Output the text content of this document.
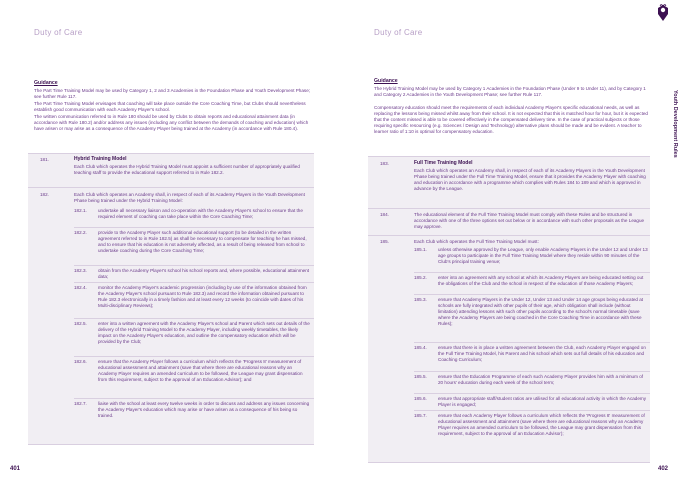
Duty of Care
Guidance
The Part Time Training Model may be used by Category 1, 2 and 3 Academies in the Foundation Phase and Youth Development Phase; see further Rule 117.
The Part Time Training Model envisages that coaching will take place outside the Core Coaching Time, but Clubs should nevertheless establish good communication with each Academy Player's school.
The written communication referred to in Rule 180 should be used by Clubs to obtain reports and educational attainment data (in accordance with Rule 180.2) and/or address any issues (including any conflict between the demands of coaching and education) which have arisen or may arise as a consequence of the Academy Player being trained at the Academy (in accordance with Rule 180.4).
181.	Hybrid Training Model
Each Club which operates the Hybrid Training Model must appoint a sufficient number of appropriately qualified teaching staff to provide the educational support referred to in Rule 182.2.
182.	Each Club which operates an Academy shall, in respect of each of its Academy Players in the Youth Development Phase being trained under the Hybrid Training Model:
182.1. undertake all necessary liaison and co-operation with the Academy Player's school to ensure that the required element of coaching can take place within the Core Coaching Time;
182.2. provide to the Academy Player such additional educational support (to be detailed in the written agreement referred to in Rule 182.5) as shall be necessary to compensate for teaching he has missed, and to ensure that his education is not adversely affected, as a result of being released from school to undertake coaching during the Core Coaching Time;
182.3. obtain from the Academy Player's school his school reports and, where possible, educational attainment data;
182.4. monitor the Academy Player's academic progression (including by use of the information obtained from the Academy Player's school pursuant to Rule 182.3) and record the information obtained pursuant to Rule 182.3 electronically in a timely fashion and at least every 12 weeks (to coincide with dates of his Multi-disciplinary Reviews);
182.5. enter into a written agreement with the Academy Player's school and Parent which sets out details of the delivery of the Hybrid Training Model to the Academy Player, including weekly timetables, the likely impact on the Academy Player's education, and outline the compensatory education which will be provided by the Club;
182.6. ensure that the Academy Player follows a curriculum which reflects the 'Progress 8' measurement of educational assessment and attainment (save that where there are educational reasons why an Academy Player requires an amended curriculum to be followed, the League may grant dispensation from this requirement, subject to the approval of an Education Advisor); and
182.7. liaise with the school at least every twelve weeks in order to discuss and address any issues concerning the Academy Player's education which may arise or have arisen as a consequence of his being so trained.
401
Duty of Care
Guidance
The Hybrid Training Model may be used by Category 1 Academies in the Foundation Phase (Under 9 to Under 11), and by Category 1 and Category 2 Academies in the Youth Development Phase; see further Rule 117.
Compensatory education should meet the requirements of each individual Academy Player's specific educational needs, as well as replacing the lessons being missed whilst away from their school. It is not expected that this is matched hour for hour, but it is expected that the content missed is able to be covered effectively in the compensated delivery time. In the case of practical subjects or those requiring specific resourcing (e.g. Sciences / Design and Technology) alternative plans should be made and be evident. A teacher to learner ratio of 1:10 is optimal for compensatory education.
183.	Full Time Training Model
Each Club which operates an Academy shall, in respect of each of its Academy Players in the Youth Development Phase being trained under the Full Time Training Model, ensure that it provides the Academy Player with coaching and education in accordance with a programme which complies with Rules 184 to 189 and which is approved in advance by the League.
184.	The educational element of the Full Time Training Model must comply with these Rules and be structured in accordance with one of the three options set out below or in accordance with such other proposals as the League may approve.
185.	Each Club which operates the Full Time Training Model must:
185.1. unless otherwise approved by the League, only enable Academy Players in the Under 12 and Under 13 age groups to participate in the Full Time Training Model where they reside within 90 minutes of the Club's principal training venue;
185.2. enter into an agreement with any school at which its Academy Players are being educated setting out the obligations of the Club and the school in respect of the education of those Academy Players;
185.3. ensure that Academy Players in the Under 12, Under 13 and Under 14 age groups being educated at schools are fully integrated with other pupils of their age, which obligation shall include (without limitation) attending lessons with such other pupils according to the school's normal timetable (save where the Academy Players are being coached in the Core Coaching Time in accordance with these Rules);
185.4. ensure that there is in place a written agreement between the Club, each Academy Player engaged on the Full Time Training Model, his Parent and his school which sets out full details of his education and Coaching Curriculum;
185.5. ensure that the Education Programme of each such Academy Player provides him with a minimum of 20 hours' education during each week of the school term;
185.6. ensure that appropriate staff/student ratios are utilised for all educational activity in which the Academy Player is engaged;
185.7. ensure that each Academy Player follows a curriculum which reflects the 'Progress 8' measurement of educational assessment and attainment (save where there are educational reasons why an Academy Player requires an amended curriculum to be followed, the League may grant dispensation from this requirement, subject to the approval of an Education Advisor);
Youth Development Rules
402
